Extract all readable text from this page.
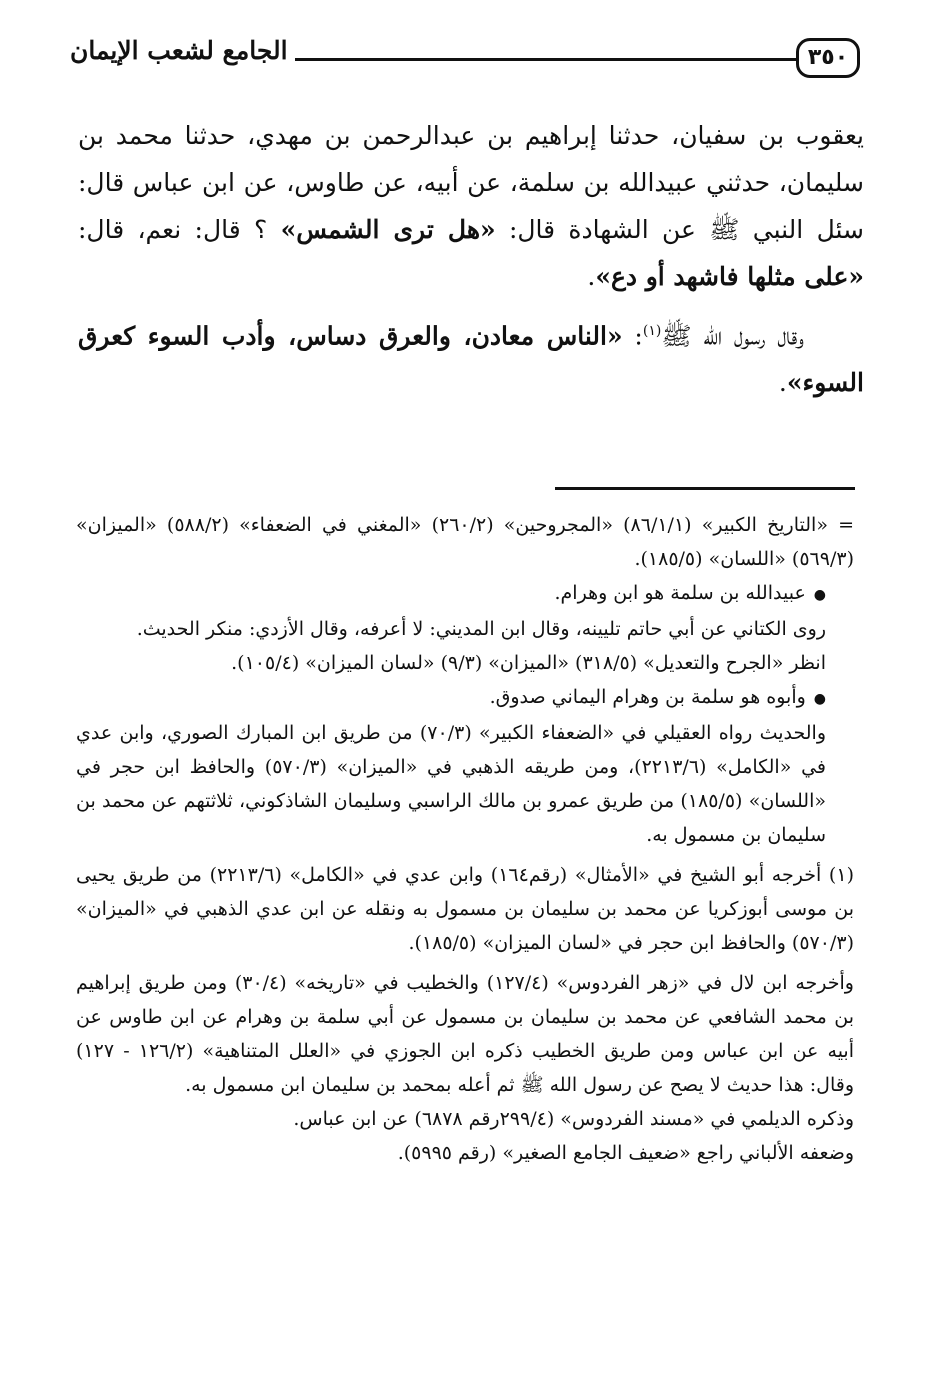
٣٥٠
الجامع لشعب الإيمان

يعقوب بن سفيان، حدثنا إبراهيم بن عبدالرحمن بن مهدي، حدثنا محمد بن سليمان، حدثني عبيدالله بن سلمة، عن أبيه، عن طاوس، عن ابن عباس قال: سئل النبي ﷺ عن الشهادة قال: «هل ترى الشمس» ؟ قال: نعم، قال: «على مثلها فاشهد أو دع».

وقال رسول الله ﷺ$^{(١)}$: «الناس معادن، والعرق دساس، وأدب السوء كعرق السوء».

= «التاريخ الكبير» (٨٦/١/١) «المجروحين» (٢٦٠/٢) «المغني في الضعفاء» (٥٨٨/٢) «الميزان» (٥٦٩/٣) «اللسان» (١٨٥/٥).

● عبيدالله بن سلمة هو ابن وهرام.

روى الكتاني عن أبي حاتم تليينه، وقال ابن المديني: لا أعرفه، وقال الأزدي: منكر الحديث.

انظر «الجرح والتعديل» (٣١٨/٥) «الميزان» (٩/٣) «لسان الميزان» (١٠٥/٤).

● وأبوه هو سلمة بن وهرام اليماني صدوق.

والحديث رواه العقيلي في «الضعفاء الكبير» (٧٠/٣) من طريق ابن المبارك الصوري، وابن عدي في «الكامل» (٢٢١٣/٦)، ومن طريقه الذهبي في «الميزان» (٥٧٠/٣) والحافظ ابن حجر في «اللسان» (١٨٥/٥) من طريق عمرو بن مالك الراسبي وسليمان الشاذكوني، ثلاثتهم عن محمد بن سليمان بن مسمول به.

(١) أخرجه أبو الشيخ في «الأمثال» (رقم١٦٤) وابن عدي في «الكامل» (٢٢١٣/٦) من طريق يحيى بن موسى أبوزكريا عن محمد بن سليمان بن مسمول به ونقله عن ابن عدي الذهبي في «الميزان» (٥٧٠/٣) والحافظ ابن حجر في «لسان الميزان» (١٨٥/٥).

وأخرجه ابن لال في «زهر الفردوس» (١٢٧/٤) والخطيب في «تاريخه» (٣٠/٤) ومن طريق إبراهيم بن محمد الشافعي عن محمد بن سليمان بن مسمول عن أبي سلمة بن وهرام عن ابن طاوس عن أبيه عن ابن عباس ومن طريق الخطيب ذكره ابن الجوزي في «العلل المتناهية» (١٢٦/٢ - ١٢٧) وقال: هذا حديث لا يصح عن رسول الله ﷺ ثم أعله بمحمد بن سليمان ابن مسمول به.

وذكره الديلمي في «مسند الفردوس» (٢٩٩/٤رقم ٦٨٧٨) عن ابن عباس.

وضعفه الألباني راجع «ضعيف الجامع الصغير» (رقم ٥٩٩٥).
